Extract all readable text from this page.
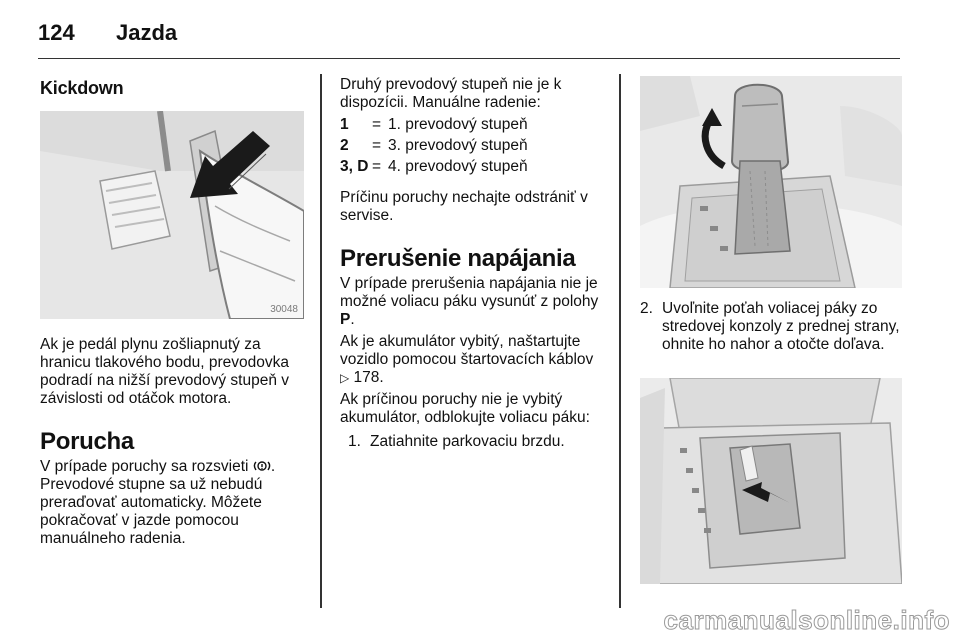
124 Jazda
Kickdown
30048

Ak je pedál plynu zošliapnutý za hranicu tlakového bodu, prevodovka podradí na nižší prevodový stupeň v závislosti od otáčok motora.

Porucha

V prípade poruchy sa rozsvieti . Prevodové stupne sa už nebudú preraďovať automaticky. Môžete pokračovať v jazde pomocou manuálneho radenia.

Druhý prevodový stupeň nie je k dispozícii. Manuálne radenie:

1	=	1. prevodový stupeň
2	=	3. prevodový stupeň
3, D	=	4. prevodový stupeň

Príčinu poruchy nechajte odstrániť v servise.

Prerušenie napájania

V prípade prerušenia napájania nie je možné voliacu páku vysunúť z polohy P.

Ak je akumulátor vybitý, naštartujte vozidlo pomocou štartovacích káblov ▷ 178.

Ak príčinou poruchy nie je vybitý akumulátor, odblokujte voliacu páku:

1. Zatiahnite parkovaciu brzdu.
2. Uvoľnite poťah voliacej páky zo stredovej konzoly z prednej strany, ohnite ho nahor a otočte doľava.
carmanualsonline.info
